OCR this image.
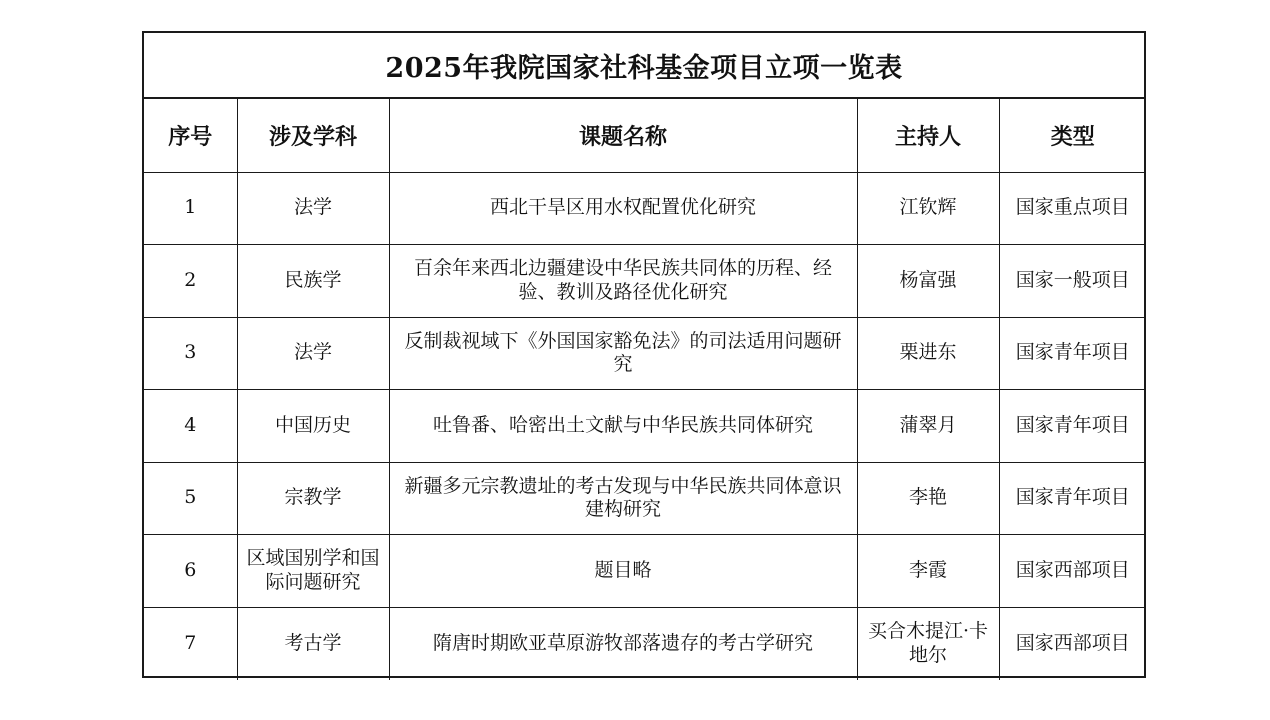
2025年我院国家社科基金项目立项一览表
序号	涉及学科	课题名称	主持人	类型
1	法学	西北干旱区用水权配置优化研究	江钦辉	国家重点项目
2	民族学	百余年来西北边疆建设中华民族共同体的历程、经验、教训及路径优化研究	杨富强	国家一般项目
3	法学	反制裁视域下《外国国家豁免法》的司法适用问题研究	栗进东	国家青年项目
4	中国历史	吐鲁番、哈密出土文献与中华民族共同体研究	蒲翠月	国家青年项目
5	宗教学	新疆多元宗教遗址的考古发现与中华民族共同体意识建构研究	李艳	国家青年项目
6	区域国别学和国际问题研究	题目略	李霞	国家西部项目
7	考古学	隋唐时期欧亚草原游牧部落遗存的考古学研究	买合木提江·卡地尔	国家西部项目
